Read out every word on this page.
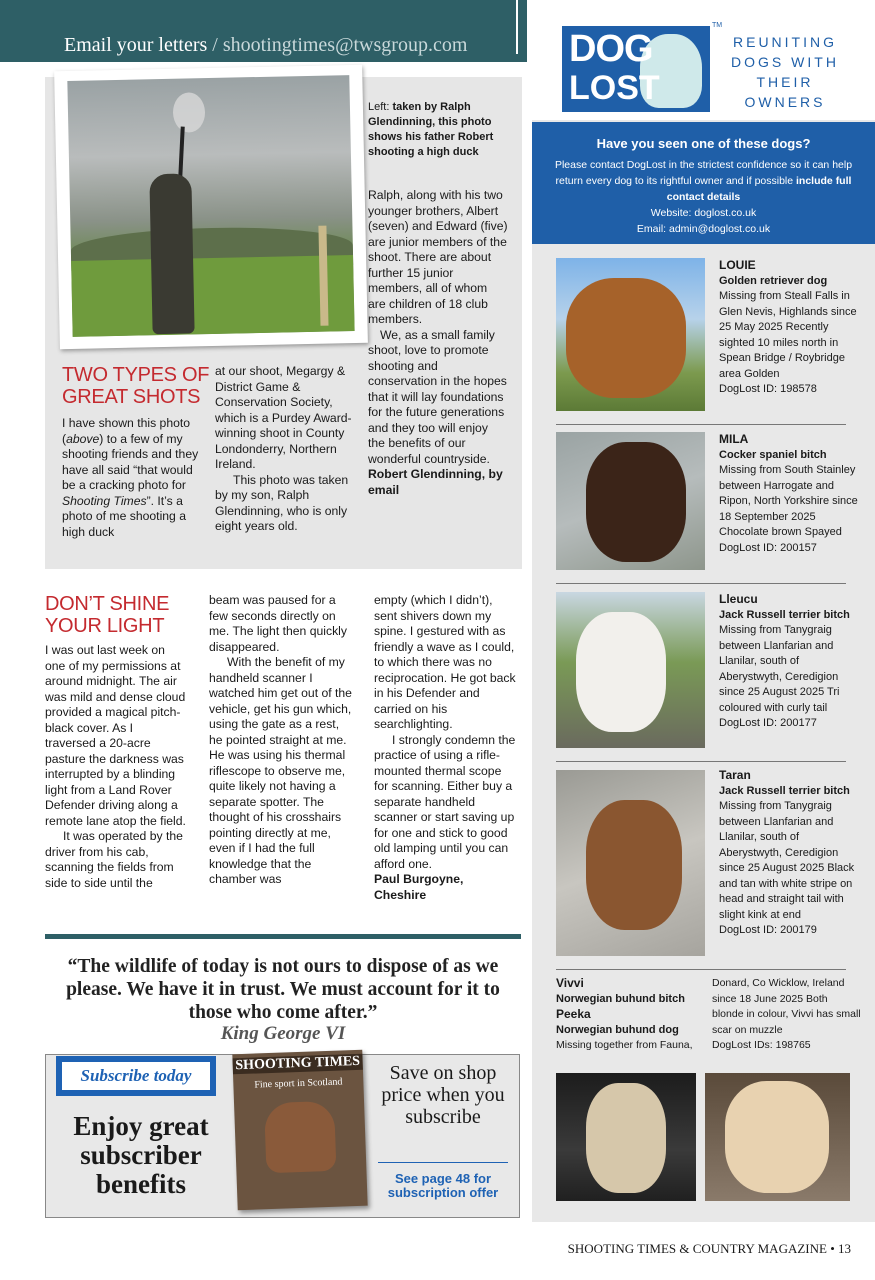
Email your letters / shootingtimes@twsgroup.com
Left: taken by Ralph Glendinning, this photo shows his father Robert shooting a high duck

Ralph, along with his two younger brothers, Albert (seven) and Edward (five) are junior members of the shoot. There are about further 15 junior members, all of whom are children of 18 club members.

We, as a small family shoot, love to promote shooting and conservation in the hopes that it will lay foundations for the future generations and they too will enjoy the benefits of our wonderful countryside.

Robert Glendinning, by email

TWO TYPES OF
GREAT SHOTS

I have shown this photo (above) to a few of my shooting friends and they have all said “that would be a cracking photo for Shooting Times”. It’s a photo of me shooting a high duck

at our shoot, Megargy & District Game & Conservation Society, which is a Purdey Award-winning shoot in County Londonderry, Northern Ireland.

This photo was taken by my son, Ralph Glendinning, who is only eight years old.

DON’T SHINE
YOUR LIGHT

I was out last week on one of my permissions at around midnight. The air was mild and dense cloud provided a magical pitch-black cover. As I traversed a 20-acre pasture the darkness was interrupted by a blinding light from a Land Rover Defender driving along a remote lane atop the field.

It was operated by the driver from his cab, scanning the fields from side to side until the

beam was paused for a few seconds directly on me. The light then quickly disappeared.

With the benefit of my handheld scanner I watched him get out of the vehicle, get his gun which, using the gate as a rest, he pointed straight at me. He was using his thermal riflescope to observe me, quite likely not having a separate spotter. The thought of his crosshairs pointing directly at me, even if I had the full knowledge that the chamber was

empty (which I didn’t), sent shivers down my spine. I gestured with as friendly a wave as I could, to which there was no reciprocation. He got back in his Defender and carried on his searchlighting.

I strongly condemn the practice of using a rifle-mounted thermal scope for scanning. Either buy a separate handheld scanner or start saving up for one and stick to good old lamping until you can afford one.

Paul Burgoyne, Cheshire

“The wildlife of today is not ours to dispose of as we please. We have it in trust. We must account for it to those who come after.”
King George VI
Subscribe today
Enjoy great subscriber benefits
SHOOTING TIMES
Fine sport in Scotland	Save on shop price when you subscribe
See page 48 for subscription offer
DOG
LOST
TM
REUNITING DOGS WITH THEIR OWNERS
Have you seen one of these dogs?
Please contact DogLost in the strictest confidence so it can help return every dog to its rightful owner and if possible include full contact details
Website: doglost.co.uk
Email: admin@doglost.co.uk
LOUIE
Golden retriever dog
Missing from Steall Falls in Glen Nevis, Highlands since 25 May 2025 Recently sighted 10 miles north in Spean Bridge / Roybridge area Golden
DogLost ID: 198578
MILA
Cocker spaniel bitch
Missing from South Stainley between Harrogate and Ripon, North Yorkshire since 18 September 2025 Chocolate brown Spayed
DogLost ID: 200157
Lleucu
Jack Russell terrier bitch
Missing from Tanygraig between Llanfarian and Llanilar, south of Aberystwyth, Ceredigion since 25 August 2025 Tri coloured with curly tail
DogLost ID: 200177
Taran
Jack Russell terrier bitch
Missing from Tanygraig between Llanfarian and Llanilar, south of Aberystwyth, Ceredigion since 25 August 2025 Black and tan with white stripe on head and straight tail with slight kink at end
DogLost ID: 200179
Vivvi
Norwegian buhund bitch
Peeka
Norwegian buhund dog
Missing together from Fauna,
Donard, Co Wicklow, Ireland since 18 June 2025 Both blonde in colour, Vivvi has small scar on muzzle
DogLost IDs: 198765
SHOOTING TIMES & COUNTRY MAGAZINE • 13
